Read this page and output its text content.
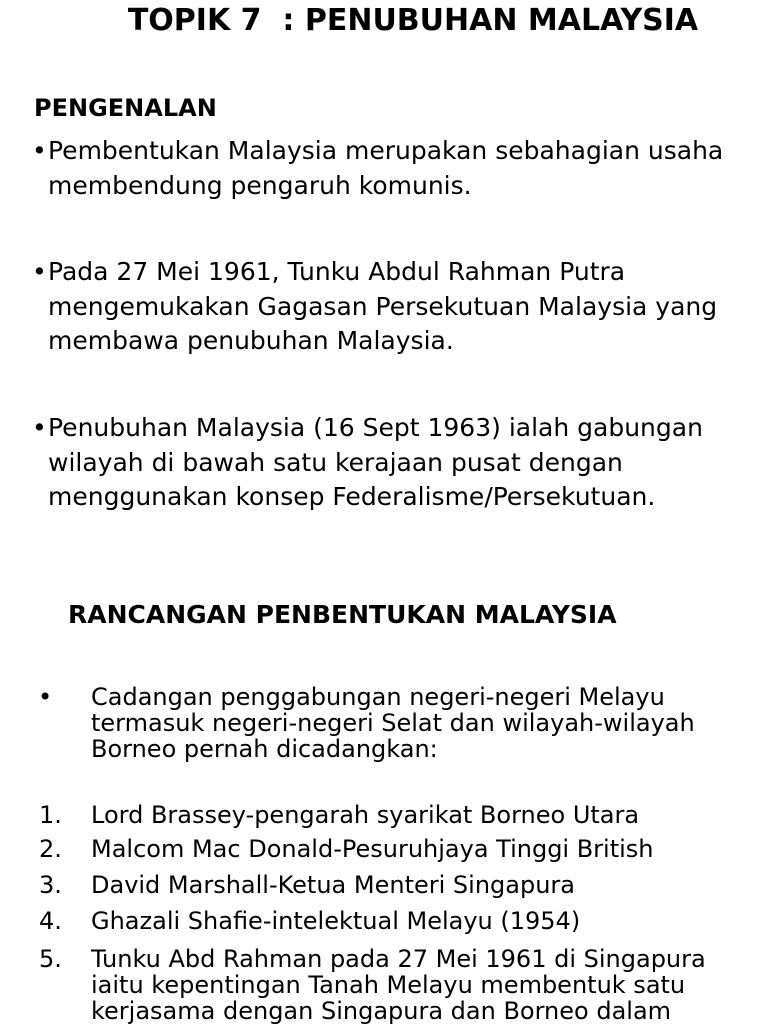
TOPIK 7  : PENUBUHAN MALAYSIA
PENGENALAN
• Pembentukan Malaysia merupakan sebahagian usaha membendung pengaruh komunis.
• Pada 27 Mei 1961, Tunku Abdul Rahman Putra mengemukakan Gagasan Persekutuan Malaysia yang membawa penubuhan Malaysia.
• Penubuhan Malaysia (16 Sept 1963) ialah gabungan wilayah di bawah satu kerajaan pusat dengan menggunakan konsep Federalisme/Persekutuan.
RANCANGAN PENBENTUKAN MALAYSIA
• Cadangan penggabungan negeri-negeri Melayu termasuk negeri-negeri Selat dan wilayah-wilayah Borneo pernah dicadangkan:
1. Lord Brassey-pengarah syarikat Borneo Utara
2. Malcom Mac Donald-Pesuruhjaya Tinggi British
3. David Marshall-Ketua Menteri Singapura
4. Ghazali Shafie-intelektual Melayu (1954)
5. Tunku Abd Rahman pada 27 Mei 1961 di Singapura iaitu kepentingan Tanah Melayu membentuk satu kerjasama dengan Singapura dan Borneo dalam
